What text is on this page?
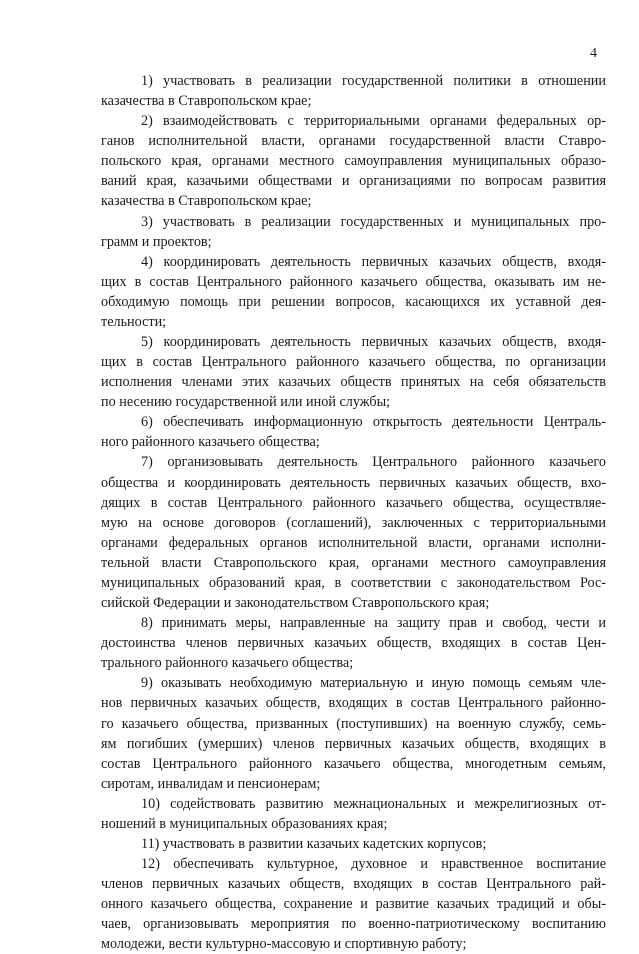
4
1) участвовать в реализации государственной политики в отношении
казачества в Ставропольском крае;
2) взаимодействовать с территориальными органами федеральных ор-
ганов исполнительной власти, органами государственной власти Ставро-
польского края, органами местного самоуправления муниципальных образо-
ваний края, казачьими обществами и организациями по вопросам развития
казачества в Ставропольском крае;
3) участвовать в реализации государственных и муниципальных про-
грамм и проектов;
4) координировать деятельность первичных казачьих обществ, входя-
щих в состав Центрального районного казачьего общества, оказывать им не-
обходимую помощь при решении вопросов, касающихся их уставной дея-
тельности;
5) координировать деятельность первичных казачьих обществ, входя-
щих в состав Центрального районного казачьего общества, по организации
исполнения членами этих казачьих обществ принятых на себя обязательств
по несению государственной или иной службы;
6) обеспечивать информационную открытость деятельности Централь-
ного районного казачьего общества;
7) организовывать деятельность Центрального районного казачьего
общества и координировать деятельность первичных казачьих обществ, вхо-
дящих в состав Центрального районного казачьего общества, осуществляе-
мую на основе договоров (соглашений), заключенных с территориальными
органами федеральных органов исполнительной власти, органами исполни-
тельной власти Ставропольского края, органами местного самоуправления
муниципальных образований края, в соответствии с законодательством Рос-
сийской Федерации и законодательством Ставропольского края;
8) принимать меры, направленные на защиту прав и свобод, чести и
достоинства членов первичных казачьих обществ, входящих в состав Цен-
трального районного казачьего общества;
9) оказывать необходимую материальную и иную помощь семьям чле-
нов первичных казачьих обществ, входящих в состав Центрального районно-
го казачьего общества, призванных (поступивших) на военную службу, семь-
ям погибших (умерших) членов первичных казачьих обществ, входящих в
состав Центрального районного казачьего общества, многодетным семьям,
сиротам, инвалидам и пенсионерам;
10) содействовать развитию межнациональных и межрелигиозных от-
ношений в муниципальных образованиях края;
11) участвовать в развитии казачьих кадетских корпусов;
12) обеспечивать культурное, духовное и нравственное воспитание
членов первичных казачьих обществ, входящих в состав Центрального рай-
онного казачьего общества, сохранение и развитие казачьих традиций и обы-
чаев, организовывать мероприятия по военно-патриотическому воспитанию
молодежи, вести культурно-массовую и спортивную работу;
